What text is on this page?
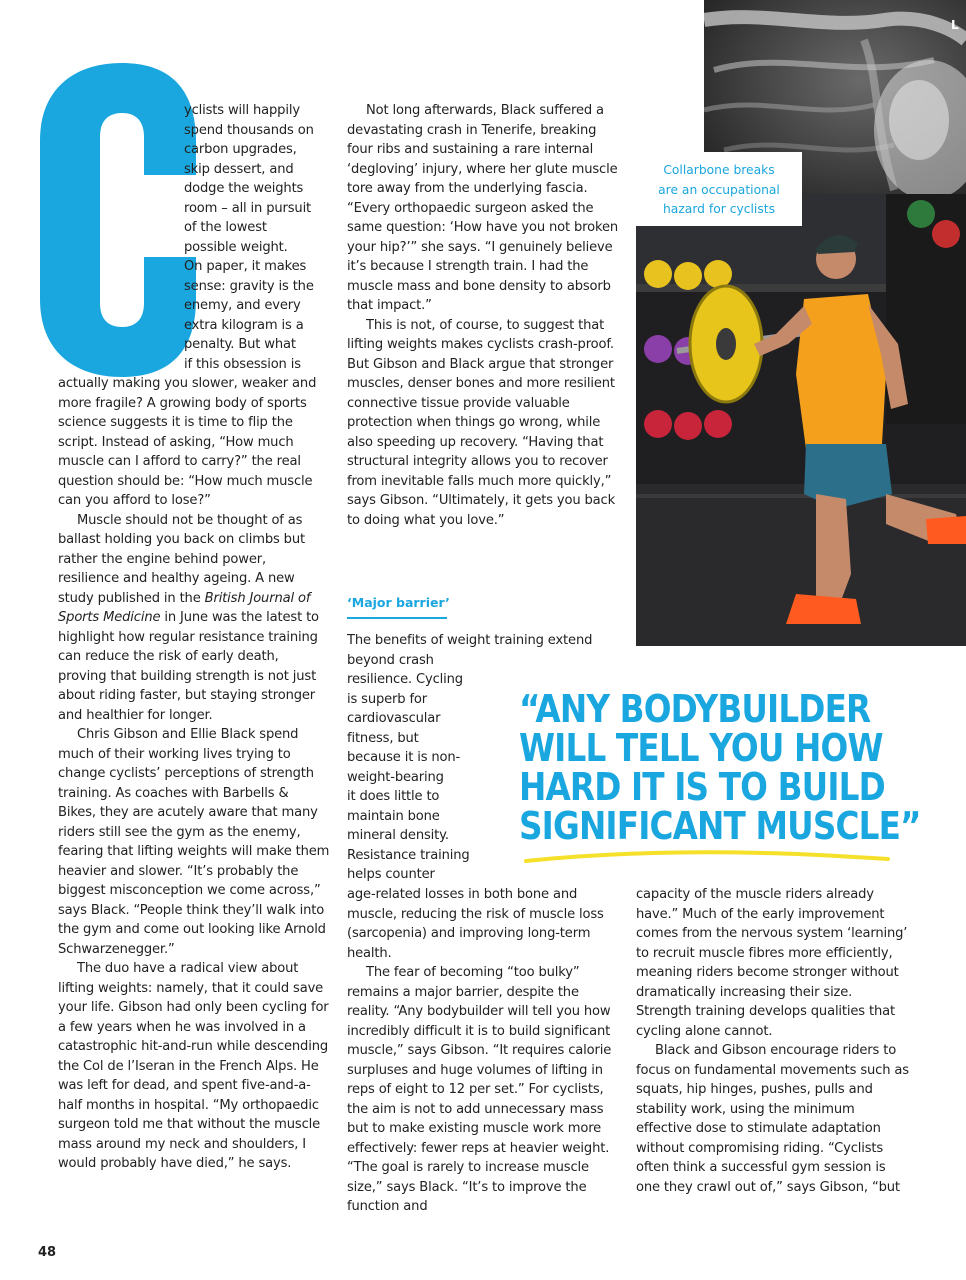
yclists will happily
spend thousands on
carbon upgrades,
skip dessert, and
dodge the weights
room – all in pursuit
of the lowest
possible weight.
On paper, it makes
sense: gravity is the
enemy, and every
extra kilogram is a
penalty. But what
if this obsession is

actually making you slower, weaker and more fragile? A growing body of sports science suggests it is time to flip the script. Instead of asking, “How much muscle can I afford to carry?” the real question should be: “How much muscle can you afford to lose?”

Muscle should not be thought of as ballast holding you back on climbs but rather the engine behind power, resilience and healthy ageing. A new study published in the British Journal of Sports Medicine in June was the latest to highlight how regular resistance training can reduce the risk of early death, proving that building strength is not just about riding faster, but staying stronger and healthier for longer.

Chris Gibson and Ellie Black spend much of their working lives trying to change cyclists’ perceptions of strength training. As coaches with Barbells & Bikes, they are acutely aware that many riders still see the gym as the enemy, fearing that lifting weights will make them heavier and slower. “It’s probably the biggest misconception we come across,” says Black. “People think they’ll walk into the gym and come out looking like Arnold Schwarzenegger.”

The duo have a radical view about lifting weights: namely, that it could save your life. Gibson had only been cycling for a few years when he was involved in a catastrophic hit-and-run while descending the Col de l’Iseran in the French Alps. He was left for dead, and spent five-and-a-half months in hospital. “My orthopaedic surgeon told me that without the muscle mass around my neck and shoulders, I would probably have died,” he says.

Not long afterwards, Black suffered a devastating crash in Tenerife, breaking four ribs and sustaining a rare internal ‘degloving’ injury, where her glute muscle tore away from the underlying fascia. “Every orthopaedic surgeon asked the same question: ‘How have you not broken your hip?’” she says. “I genuinely believe it’s because I strength train. I had the muscle mass and bone density to absorb that impact.”

This is not, of course, to suggest that lifting weights makes cyclists crash-proof. But Gibson and Black argue that stronger muscles, denser bones and more resilient connective tissue provide valuable protection when things go wrong, while also speeding up recovery. “Having that structural integrity allows you to recover from inevitable falls much more quickly,” says Gibson. “Ultimately, it gets you back to doing what you love.”

‘Major barrier’
The benefits of weight training extend
beyond crash
resilience. Cycling
is superb for
cardiovascular
fitness, but
because it is non-
weight-bearing
it does little to
maintain bone
mineral density.
Resistance training
helps counter

age-related losses in both bone and muscle, reducing the risk of muscle loss (sarcopenia) and improving long-term health.

The fear of becoming “too bulky” remains a major barrier, despite the reality. “Any bodybuilder will tell you how incredibly difficult it is to build significant muscle,” says Gibson. “It requires calorie surpluses and huge volumes of lifting in reps of eight to 12 per set.” For cyclists, the aim is not to add unnecessary mass but to make existing muscle work more effectively: fewer reps at heavier weight. “The goal is rarely to increase muscle size,” says Black. “It’s to improve the function and

capacity of the muscle riders already have.” Much of the early improvement comes from the nervous system ‘learning’ to recruit muscle fibres more efficiently, meaning riders become stronger without dramatically increasing their size. Strength training develops qualities that cycling alone cannot.

Black and Gibson encourage riders to focus on fundamental movements such as squats, hip hinges, pushes, pulls and stability work, using the minimum effective dose to stimulate adaptation without compromising riding. “Cyclists often think a successful gym session is one they crawl out of,” says Gibson, “but

L
Collarbone breaks
are an occupational
hazard for cyclists
“ANY BODYBUILDER
WILL TELL YOU HOW
HARD IT IS TO BUILD
SIGNIFICANT MUSCLE”
48
